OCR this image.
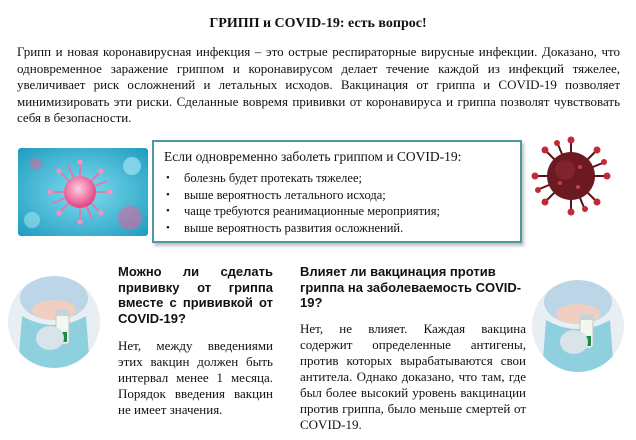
ГРИПП и COVID-19: есть вопрос!

Грипп и новая коронавирусная инфекция – это острые респираторные вирусные инфекции. Доказано, что одновременное заражение гриппом и коронавирусом делает течение каждой из инфекций тяжелее, увеличивает риск осложнений и летальных исходов. Вакцинация от гриппа и COVID-19 позволяет минимизировать эти риски. Сделанные вовремя прививки от коронавируса и гриппа позволят чувствовать себя в безопасности.

Если одновременно заболеть гриппом и COVID-19:
• болезнь будет протекать тяжелее;
• выше вероятность летального исхода;
• чаще требуются реанимационные мероприятия;
• выше вероятность развития осложнений.
Можно ли сделать прививку от гриппа вместе с прививкой от COVID-19?

Нет, между введениями этих вакцин должен быть интервал менее 1 месяца. Порядок введения вакцин не имеет значения.

Влияет ли вакцинация против гриппа на заболеваемость COVID-19?

Нет, не влияет. Каждая вакцина содержит определенные антигены, против которых вырабатываются свои антитела. Однако доказано, что там, где был более высокий уровень вакцинации против гриппа, было меньше смертей от COVID-19.
